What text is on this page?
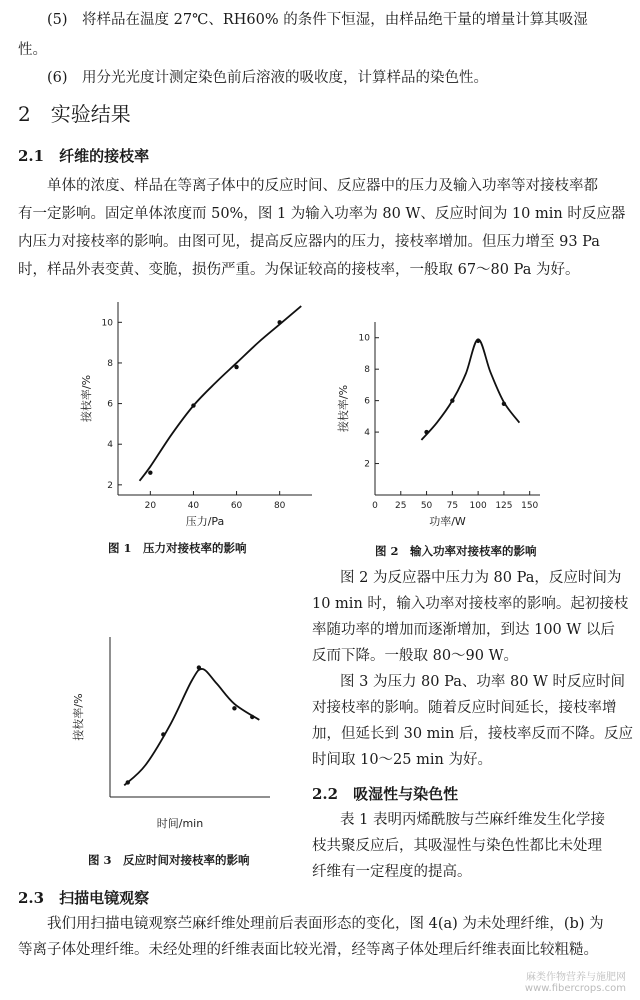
(5)　将样品在温度 27℃、RH60% 的条件下恒湿，由样品绝干量的增量计算其吸湿
性。
(6)　用分光光度计测定染色前后溶液的吸收度，计算样品的染色性。
2　实验结果
2.1　纤维的接枝率
单体的浓度、样品在等离子体中的反应时间、反应器中的压力及输入功率等对接枝率都
有一定影响。固定单体浓度而 50%，图 1 为输入功率为 80 W、反应时间为 10 min 时反应器
内压力对接枝率的影响。由图可见，提高反应器内的压力，接枝率增加。但压力增至 93 Pa
时，样品外表变黄、变脆，损伤严重。为保证较高的接枝率，一般取 67～80 Pa 为好。
20	40	60	80
2
4
6
8
10
压力/Pa
接枝率/%
图 1　压力对接枝率的影响
0 25 50 75 100 125 150
2
4
6
8
10
功率/W
接枝率/%
图 2　输入功率对接枝率的影响
图 2 为反应器中压力为 80 Pa，反应时间为
10 min 时，输入功率对接枝率的影响。起初接枝
率随功率的增加而逐渐增加，到达 100 W 以后
反而下降。一般取 80～90 W。
图 3 为压力 80 Pa、功率 80 W 时反应时间
对接枝率的影响。随着反应时间延长，接枝率增
加，但延长到 30 min 后，接枝率反而不降。反应
时间取 10～25 min 为好。
时间/min
接枝率/%
图 3　反应时间对接枝率的影响
2.2　吸湿性与染色性
表 1 表明丙烯酰胺与苎麻纤维发生化学接
枝共聚反应后，其吸湿性与染色性都比未处理
纤维有一定程度的提高。
2.3　扫描电镜观察
我们用扫描电镜观察苎麻纤维处理前后表面形态的变化，图 4(a) 为未处理纤维，(b) 为
等离子体处理纤维。未经处理的纤维表面比较光滑，经等离子体处理后纤维表面比较粗糙。
麻类作物营养与施肥网
www.fibercrops.com
